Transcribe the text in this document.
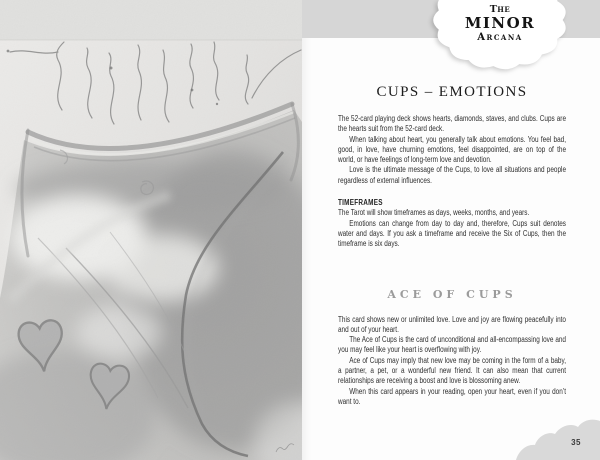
The
MINOR
Arcana
CUPS – EMOTIONS

The 52-card playing deck shows hearts, diamonds, staves, and clubs. Cups are the hearts suit from the 52-card deck.

When talking about heart, you generally talk about emotions. You feel bad, good, in love, have churning emotions, feel disappointed, are on top of the world, or have feelings of long-term love and devotion.

Love is the ultimate message of the Cups, to love all situations and people regardless of external influences.

TIMEFRAMES

The Tarot will show timeframes as days, weeks, months, and years.

Emotions can change from day to day and, therefore, Cups suit denotes water and days. If you ask a timeframe and receive the Six of Cups, then the timeframe is six days.

ACE OF CUPS

This card shows new or unlimited love. Love and joy are flowing peacefully into and out of your heart.

The Ace of Cups is the card of unconditional and all-encompassing love and you may feel like your heart is overflowing with joy.

Ace of Cups may imply that new love may be coming in the form of a baby, a partner, a pet, or a wonderful new friend. It can also mean that current relationships are receiving a boost and love is blossoming anew.

When this card appears in your reading, open your heart, even if you don’t want to.

35
